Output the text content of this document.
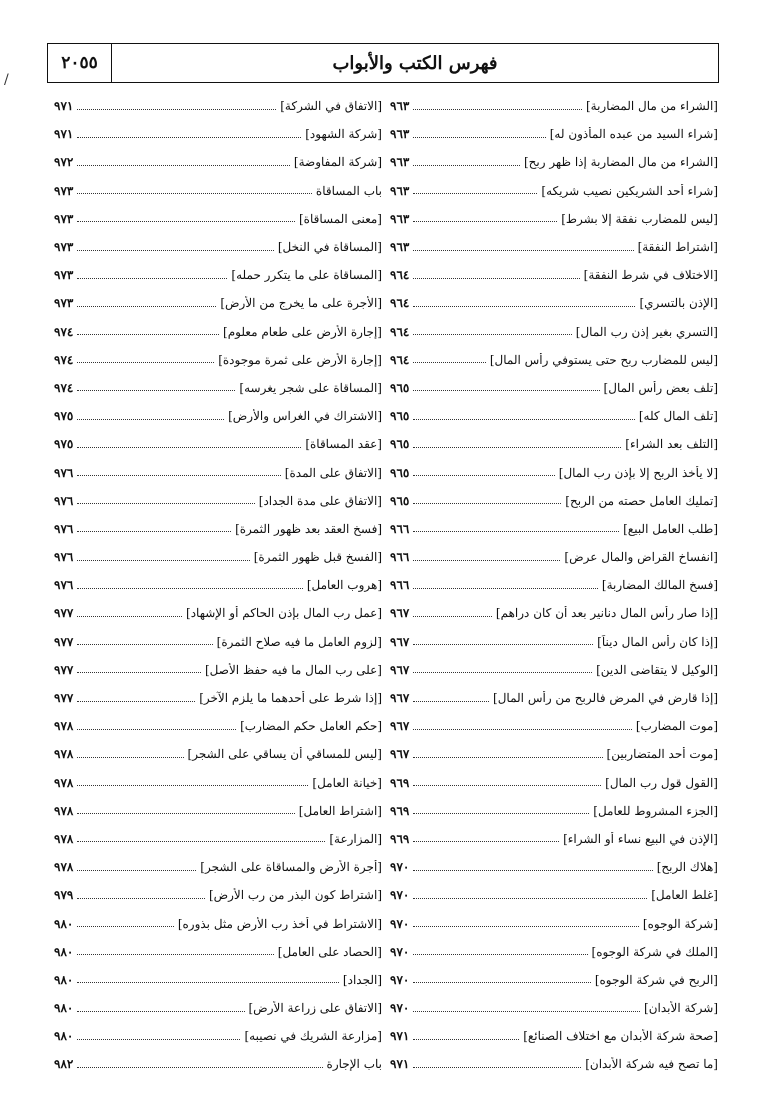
/
٢٠٥٥	فهرس الكتب والأبواب
[الشراء من مال المضاربة]
٩٦٣
[شراء السيد من عبده المأذون له]
٩٦٣
[الشراء من مال المضاربة إذا ظهر ربح]
٩٦٣
[شراء أحد الشريكين نصيب شريكه]
٩٦٣
[ليس للمضارب نفقة إلا بشرط]
٩٦٣
[اشتراط النفقة]
٩٦٣
[الاختلاف في شرط النفقة]
٩٦٤
[الإذن بالتسري]
٩٦٤
[التسري بغير إذن رب المال]
٩٦٤
[ليس للمضارب ربح حتى يستوفي رأس المال]
٩٦٤
[تلف بعض رأس المال]
٩٦٥
[تلف المال كله]
٩٦٥
[التلف بعد الشراء]
٩٦٥
[لا يأخذ الربح إلا بإذن رب المال]
٩٦٥
[تمليك العامل حصته من الربح]
٩٦٥
[طلب العامل البيع]
٩٦٦
[انفساخ القراض والمال عرض]
٩٦٦
[فسخ المالك المضاربة]
٩٦٦
[إذا صار رأس المال دنانير بعد أن كان دراهم]
٩٦٧
[إذا كان رأس المال ديناً]
٩٦٧
[الوكيل لا يتقاضى الدين]
٩٦٧
[إذا قارض في المرض فالربح من رأس المال]
٩٦٧
[موت المضارب]
٩٦٧
[موت أحد المتضاربين]
٩٦٧
[القول قول رب المال]
٩٦٩
[الجزء المشروط للعامل]
٩٦٩
[الإذن في البيع نساء أو الشراء]
٩٦٩
[هلاك الربح]
٩٧٠
[غلط العامل]
٩٧٠
[شركة الوجوه]
٩٧٠
[الملك في شركة الوجوه]
٩٧٠
[الربح في شركة الوجوه]
٩٧٠
[شركة الأبدان]
٩٧٠
[صحة شركة الأبدان مع اختلاف الصنائع]
٩٧١
[ما تصح فيه شركة الأبدان]
٩٧١
[الاتفاق في الشركة]
٩٧١
[شركة الشهود]
٩٧١
[شركة المفاوضة]
٩٧٢
باب المساقاة
٩٧٣
[معنى المساقاة]
٩٧٣
[المساقاة في النخل]
٩٧٣
[المساقاة على ما يتكرر حمله]
٩٧٣
[الأجرة على ما يخرج من الأرض]
٩٧٣
[إجارة الأرض على طعام معلوم]
٩٧٤
[إجارة الأرض على ثمرة موجودة]
٩٧٤
[المساقاة على شجر يغرسه]
٩٧٤
[الاشتراك في الغراس والأرض]
٩٧٥
[عقد المساقاة]
٩٧٥
[الاتفاق على المدة]
٩٧٦
[الاتفاق على مدة الجداد]
٩٧٦
[فسخ العقد بعد ظهور الثمرة]
٩٧٦
[الفسخ قبل ظهور الثمرة]
٩٧٦
[هروب العامل]
٩٧٦
[عمل رب المال بإذن الحاكم أو الإشهاد]
٩٧٧
[لزوم العامل ما فيه صلاح الثمرة]
٩٧٧
[على رب المال ما فيه حفظ الأصل]
٩٧٧
[إذا شرط على أحدهما ما يلزم الآخر]
٩٧٧
[حكم العامل حكم المضارب]
٩٧٨
[ليس للمساقي أن يساقي على الشجر]
٩٧٨
[خيانة العامل]
٩٧٨
[اشتراط العامل]
٩٧٨
[المزارعة]
٩٧٨
[أجرة الأرض والمساقاة على الشجر]
٩٧٨
[اشتراط كون البذر من رب الأرض]
٩٧٩
[الاشتراط في أخذ رب الأرض مثل بذوره]
٩٨٠
[الحصاد على العامل]
٩٨٠
[الجداد]
٩٨٠
[الاتفاق على زراعة الأرض]
٩٨٠
[مزارعة الشريك في نصيبه]
٩٨٠
باب الإجارة
٩٨٢
